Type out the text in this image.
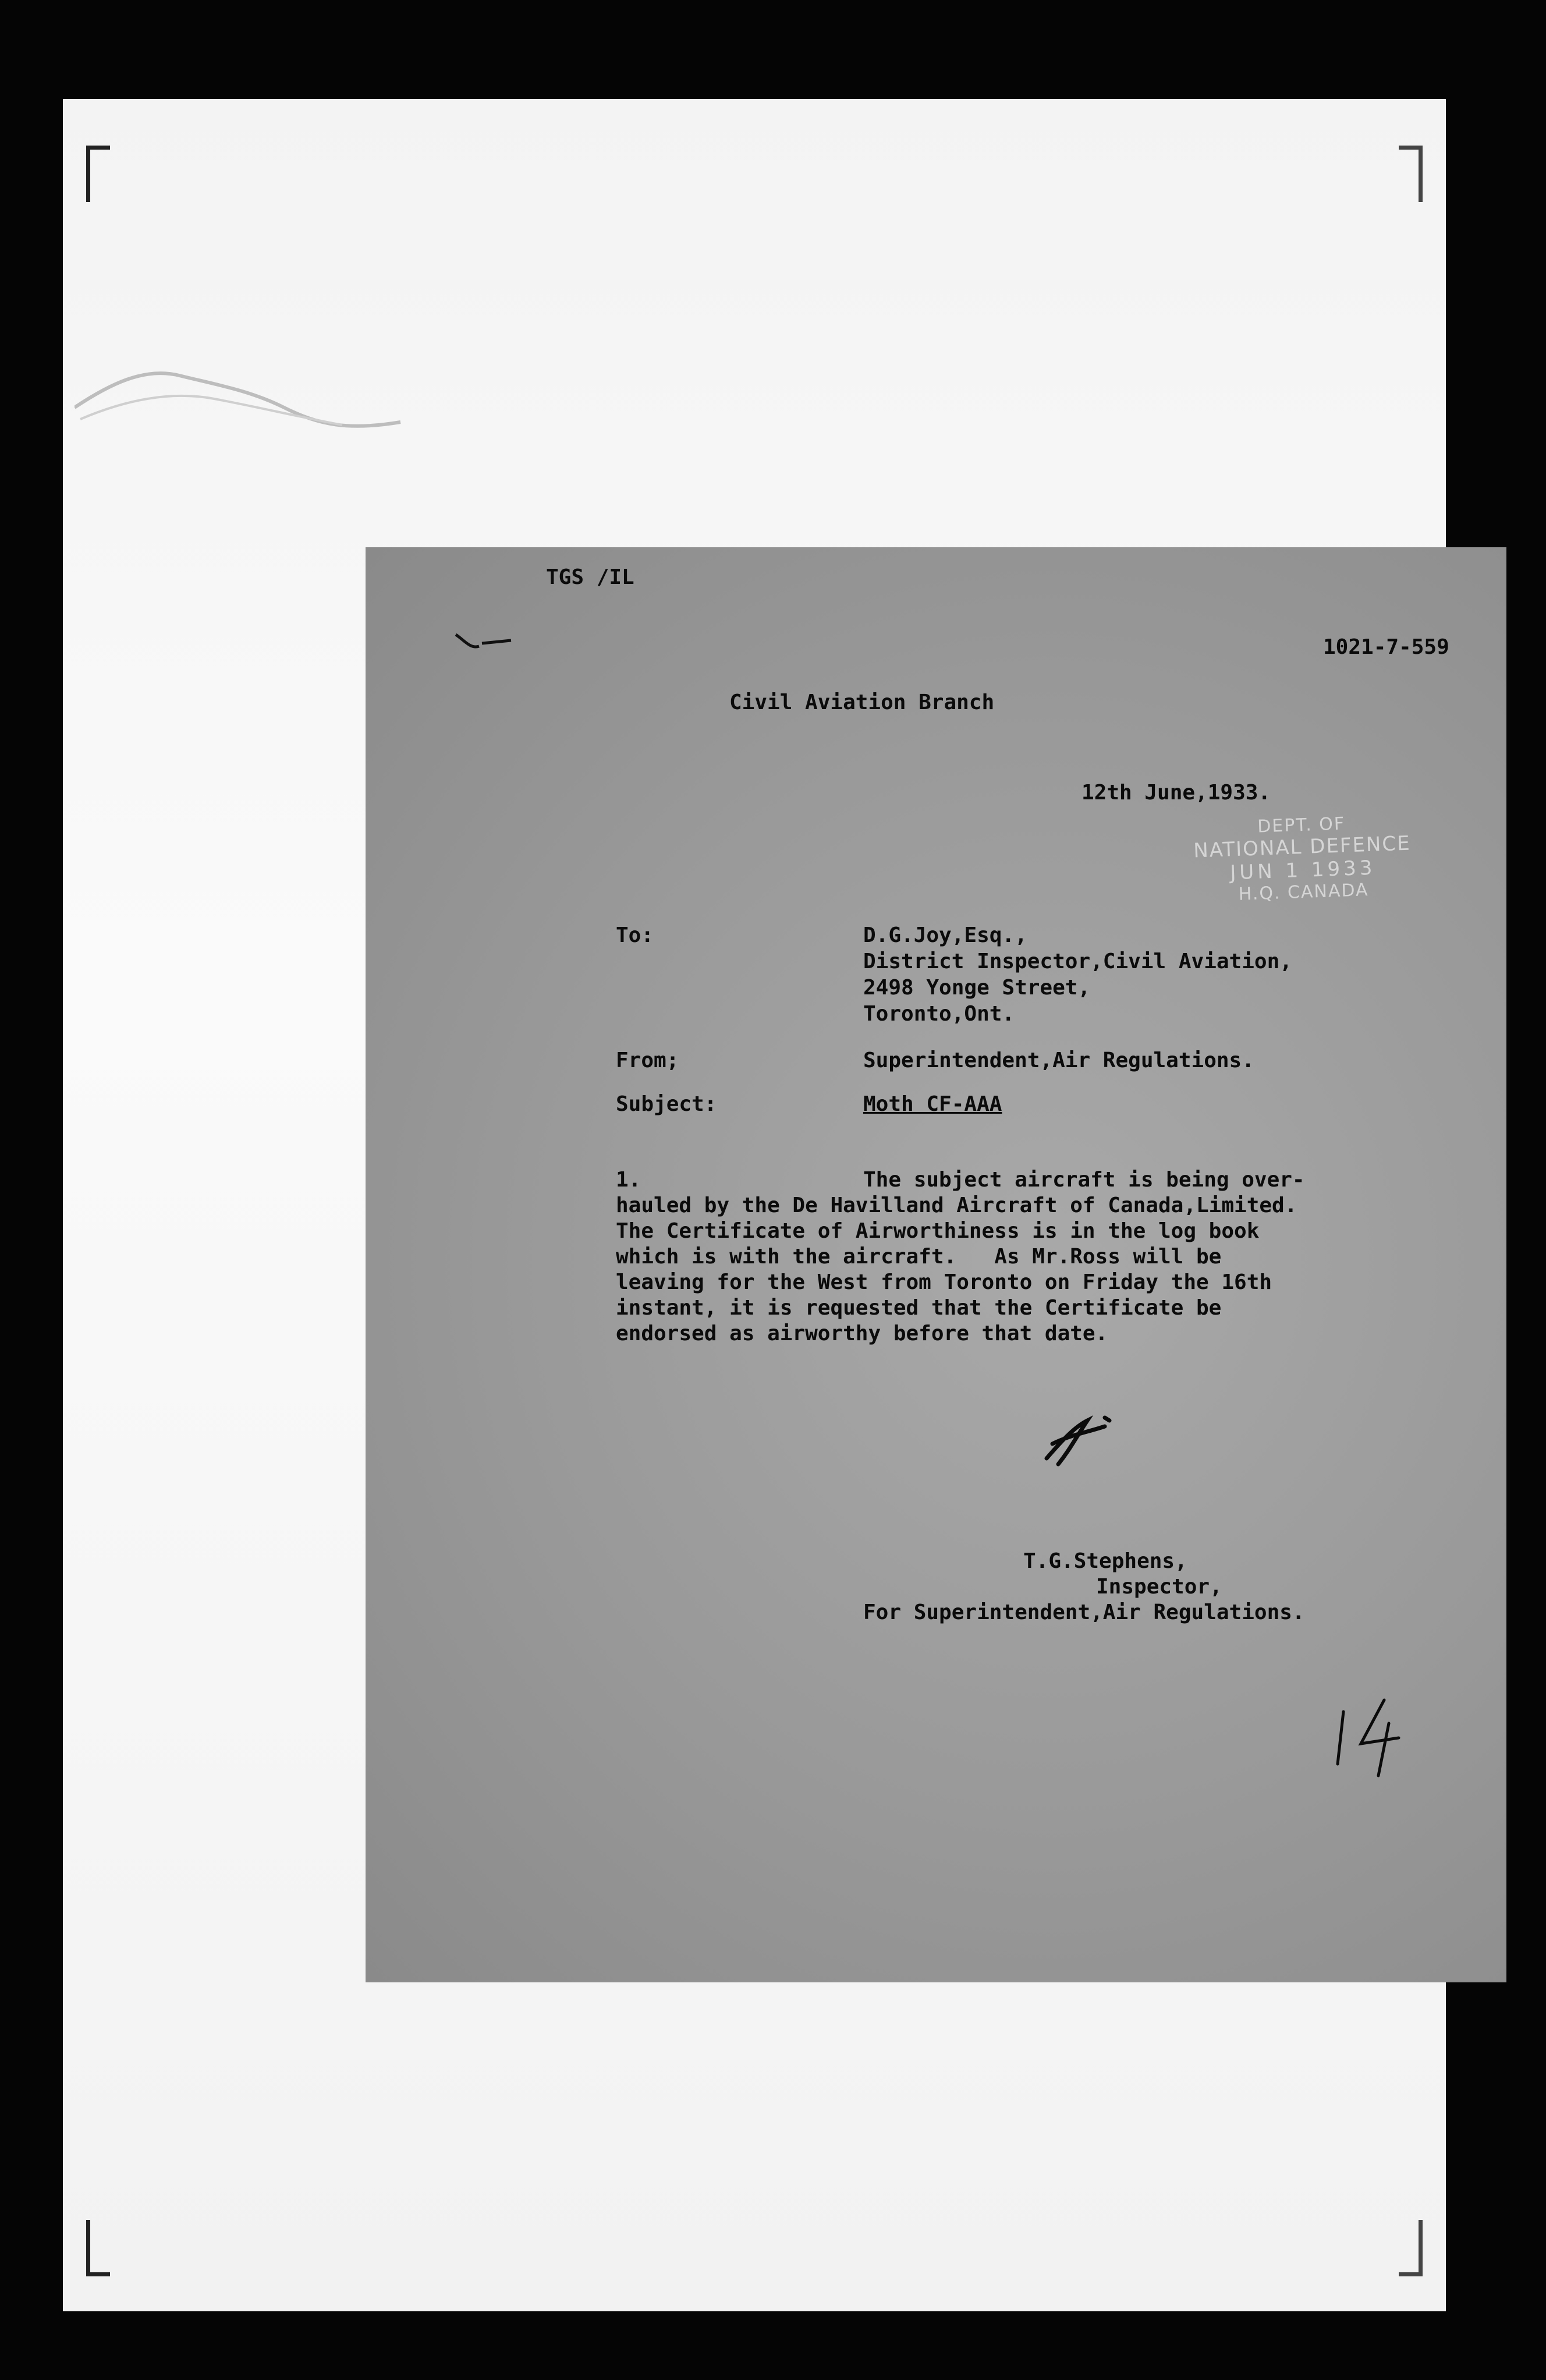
TGS /IL
1021-7-559
Civil Aviation Branch
12th June,1933.
DEPT. OF
NATIONAL DEFENCE
JUN 1 1933
H.Q. CANADA
To:	D.G.Joy,Esq.,
District Inspector,Civil Aviation,
2498 Yonge Street,
Toronto,Ont.
From;	Superintendent,Air Regulations.
Subject:	Moth CF-AAA
1.	The subject aircraft is being over-
hauled by the De Havilland Aircraft of Canada,Limited.
The Certificate of Airworthiness is in the log book
which is with the aircraft.   As Mr.Ross will be
leaving for the West from Toronto on Friday the 16th
instant, it is requested that the Certificate be
endorsed as airworthy before that date.
T.G.Stephens,
Inspector,
For Superintendent,Air Regulations.
